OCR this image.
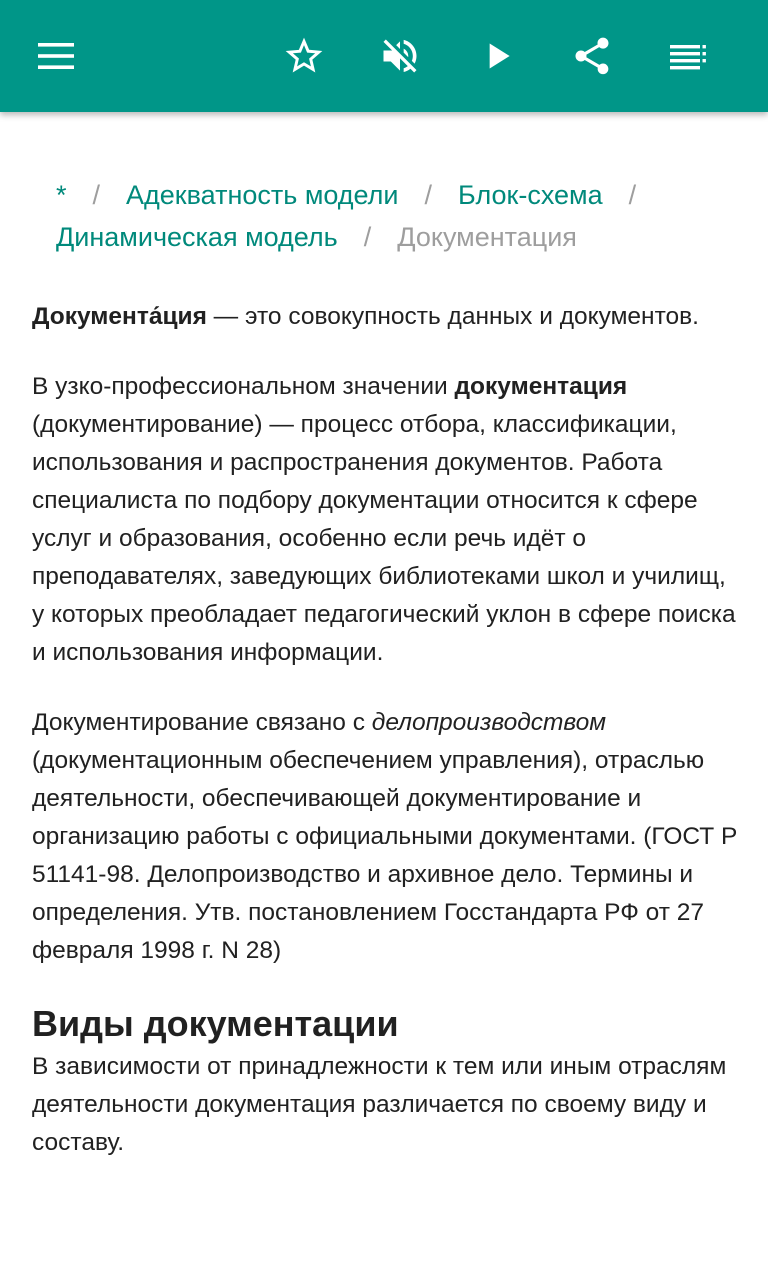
* / Адекватность модели / Блок-схема /
Динамическая модель / Документация

Документа́ция — это совокупность данных и документов.

В узко-профессиональном значении документация (документирование) — процесс отбора, классификации, использования и распространения документов. Работа специалиста по подбору документации относится к сфере услуг и образования, особенно если речь идёт о преподавателях, заведующих библиотеками школ и училищ, у которых преобладает педагогический уклон в сфере поиска и использования информации.

Документирование связано с делопроизводством (документационным обеспечением управления), отраслью деятельности, обеспечивающей документирование и организацию работы с официальными документами. (ГОСТ Р 51141-98. Делопроизводство и архивное дело. Термины и определения. Утв. постановлением Госстандарта РФ от 27 февраля 1998 г. N 28)

Виды документации

В зависимости от принадлежности к тем или иным отраслям деятельности документация различается по своему виду и составу.
